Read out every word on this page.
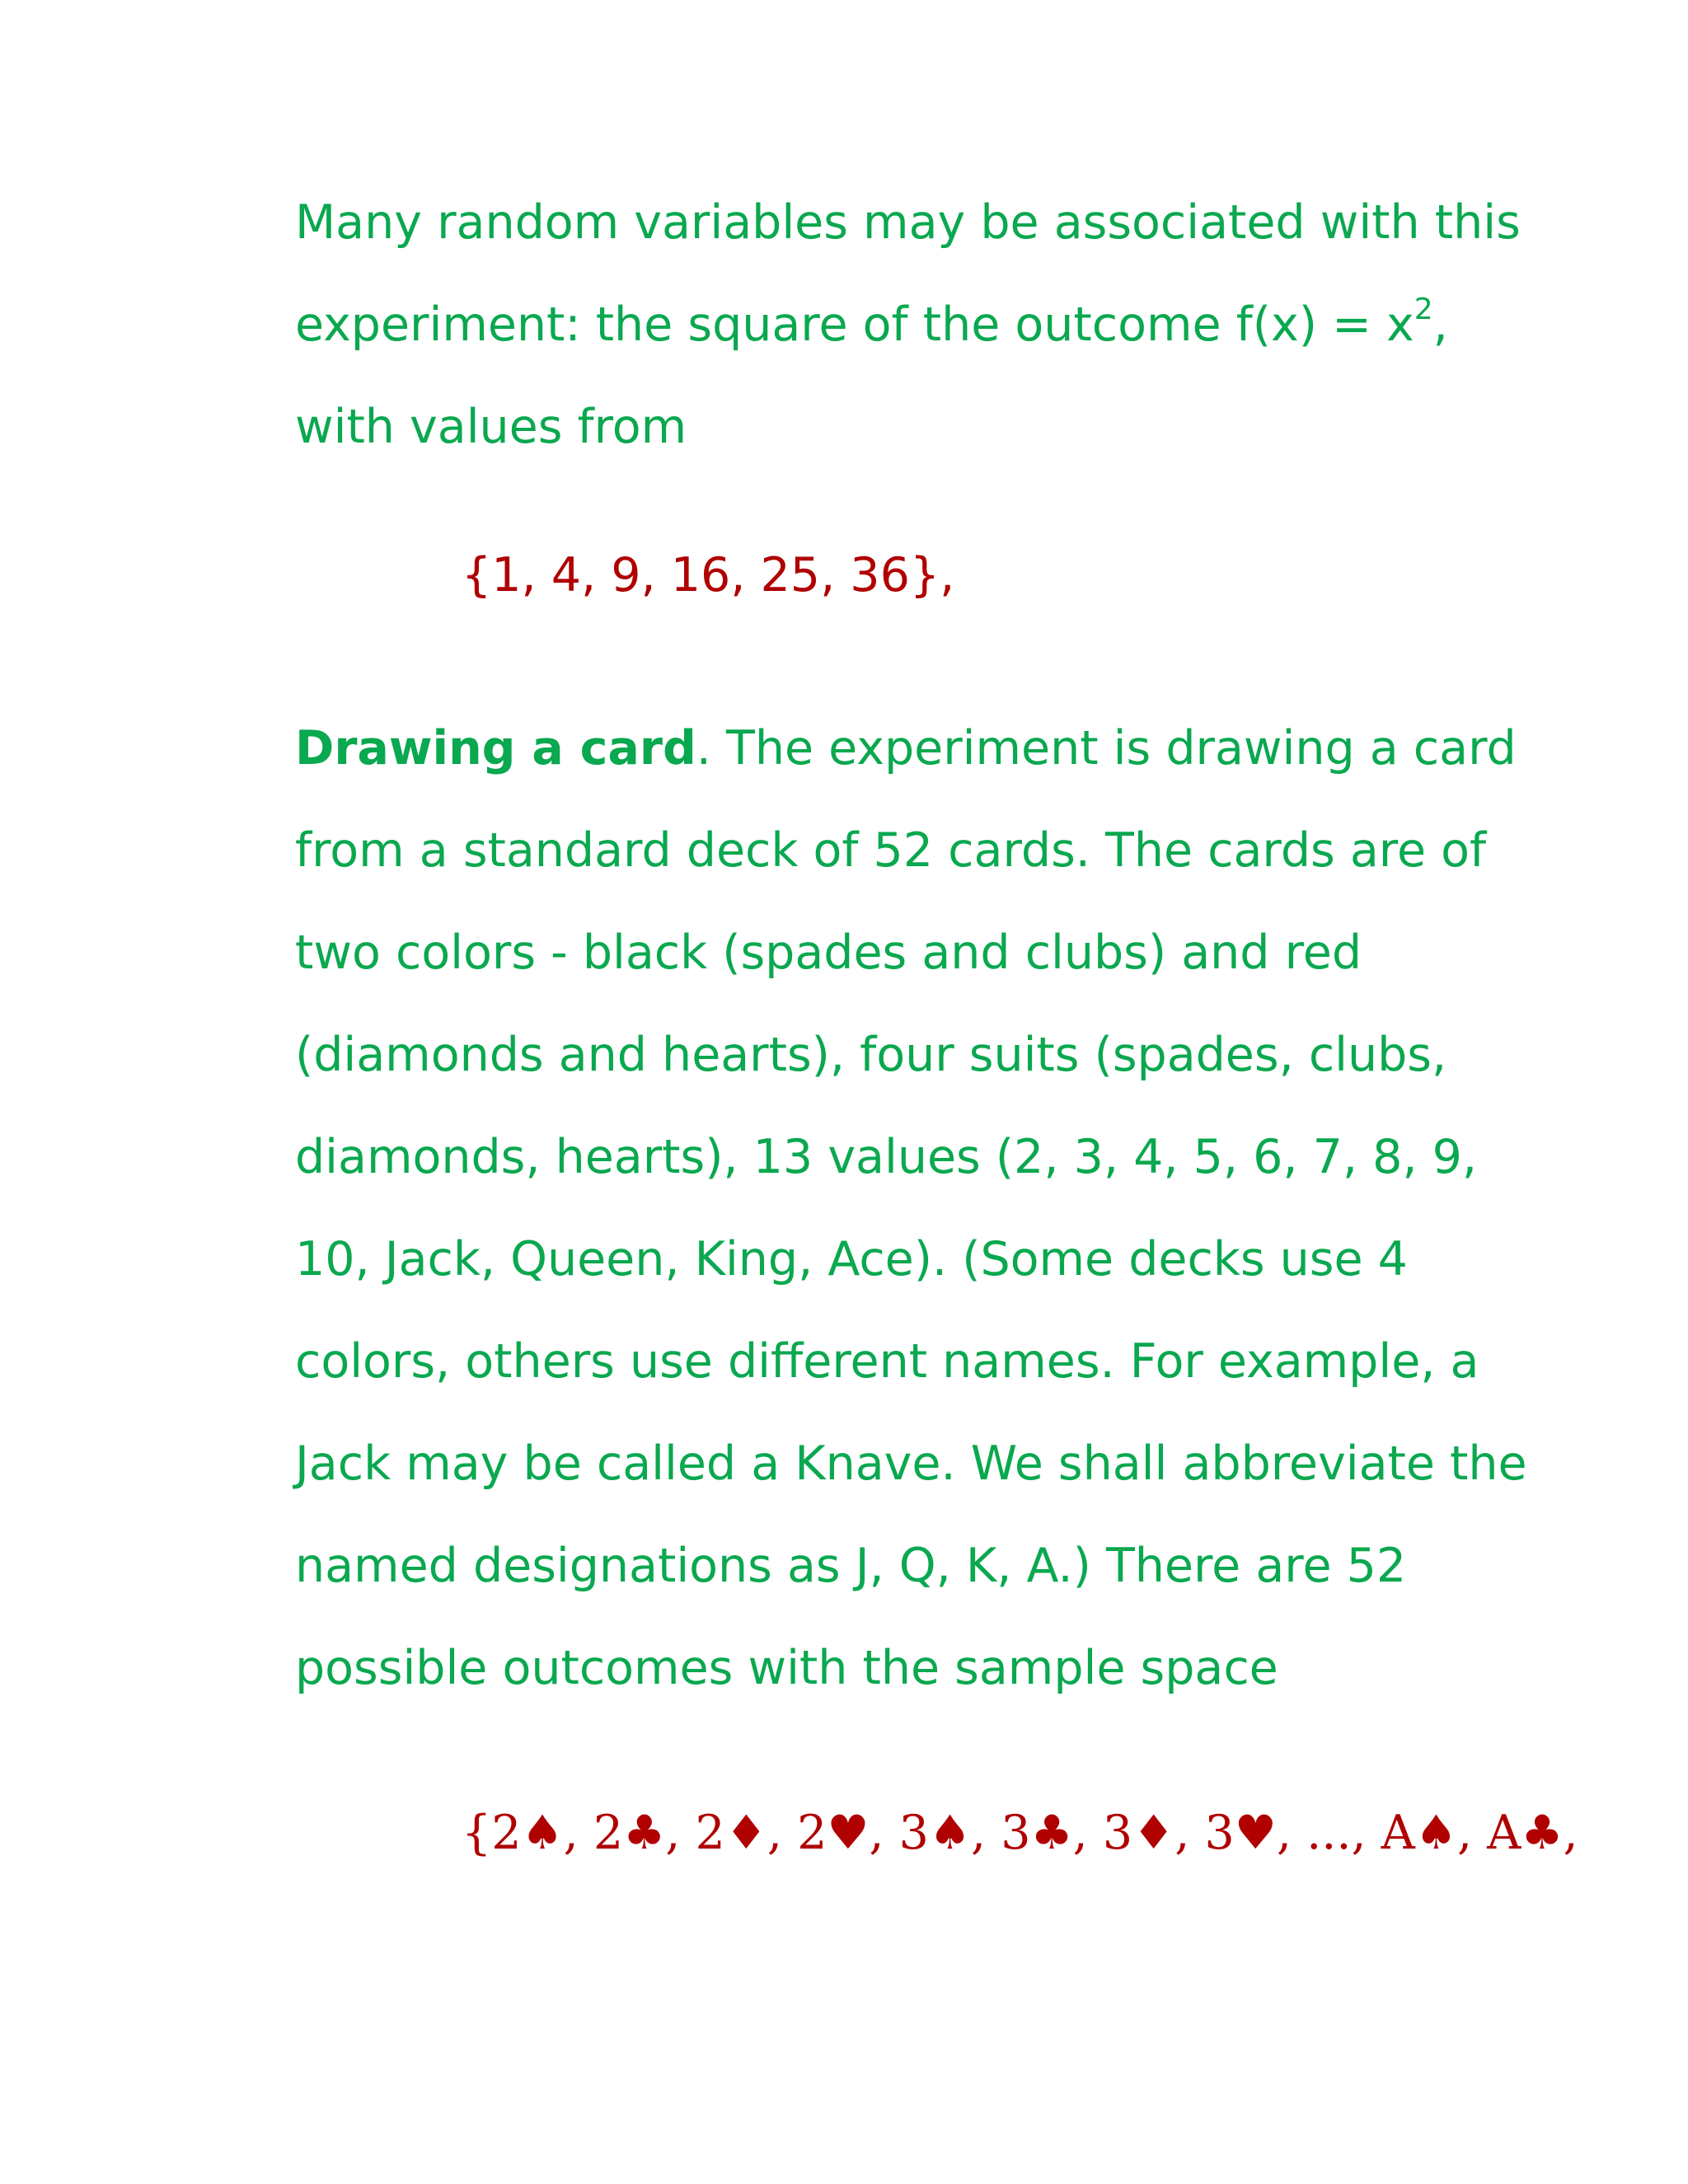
Many random variables may be associated with this
experiment: the square of the outcome $f(x) = x^2$,
with values from
{1, 4, 9, 16, 25, 36},
Drawing a card. The experiment is drawing a card
from a standard deck of 52 cards. The cards are of
two colors - black (spades and clubs) and red
(diamonds and hearts), four suits (spades, clubs,
diamonds, hearts), 13 values (2, 3, 4, 5, 6, 7, 8, 9,
10, Jack, Queen, King, Ace). (Some decks use 4
colors, others use different names. For example, a
Jack may be called a Knave. We shall abbreviate the
named designations as J, Q, K, A.) There are 52
possible outcomes with the sample space
{2♠, 2♣, 2♦, 2♥, 3♠, 3♣, 3♦, 3♥, ..., A♠, A♣,
